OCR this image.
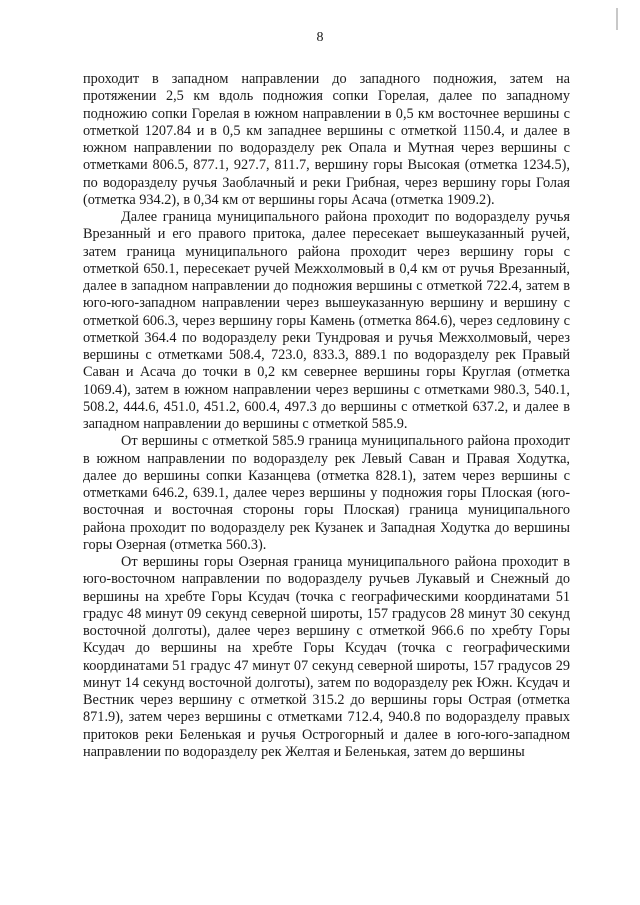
8

проходит в западном направлении до западного подножия, затем на протяжении 2,5 км вдоль подножия сопки Горелая, далее по западному подножию сопки Горелая в южном направлении в 0,5 км восточнее вершины с отметкой 1207.84 и в 0,5 км западнее вершины с отметкой 1150.4, и далее в южном направлении по водоразделу рек Опала и Мутная через вершины с отметками 806.5, 877.1, 927.7, 811.7, вершину горы Высокая (отметка 1234.5), по водоразделу ручья Заоблачный и реки Грибная, через вершину горы Голая (отметка 934.2), в 0,34 км от вершины горы Асача (отметка 1909.2).

Далее граница муниципального района проходит по водоразделу ручья Врезанный и его правого притока, далее пересекает вышеуказанный ручей, затем граница муниципального района проходит через вершину горы с отметкой 650.1, пересекает ручей Межхолмовый в 0,4 км от ручья Врезанный, далее в западном направлении до подножия вершины с отметкой 722.4, затем в юго-юго-западном направлении через вышеуказанную вершину и вершину с отметкой 606.3, через вершину горы Камень (отметка 864.6), через седловину с отметкой 364.4 по водоразделу реки Тундровая и ручья Межхолмовый, через вершины с отметками 508.4, 723.0, 833.3, 889.1 по водоразделу рек Правый Саван и Асача до точки в 0,2 км севернее вершины горы Круглая (отметка 1069.4), затем в южном направлении через вершины с отметками 980.3, 540.1, 508.2, 444.6, 451.0, 451.2, 600.4, 497.3 до вершины с отметкой 637.2, и далее в западном направлении до вершины с отметкой 585.9.

От вершины с отметкой 585.9 граница муниципального района проходит в южном направлении по водоразделу рек Левый Саван и Правая Ходутка, далее до вершины сопки Казанцева (отметка 828.1), затем через вершины с отметками 646.2, 639.1, далее через вершины у подножия горы Плоская (юго-восточная и восточная стороны горы Плоская) граница муниципального района проходит по водоразделу рек Кузанек и Западная Ходутка до вершины горы Озерная (отметка 560.3).

От вершины горы Озерная граница муниципального района проходит в юго-восточном направлении по водоразделу ручьев Лукавый и Снежный до вершины на хребте Горы Ксудач (точка с географическими координатами 51 градус 48 минут 09 секунд северной широты, 157 градусов 28 минут 30 секунд восточной долготы), далее через вершину с отметкой 966.6 по хребту Горы Ксудач до вершины на хребте Горы Ксудач (точка с географическими координатами 51 градус 47 минут 07 секунд северной широты, 157 градусов 29 минут 14 секунд восточной долготы), затем по водоразделу рек Южн. Ксудач и Вестник через вершину с отметкой 315.2 до вершины горы Острая (отметка 871.9), затем через вершины с отметками 712.4, 940.8 по водоразделу правых притоков реки Беленькая и ручья Острогорный и далее в юго-юго-западном направлении по водоразделу рек Желтая и Беленькая, затем до вершины
